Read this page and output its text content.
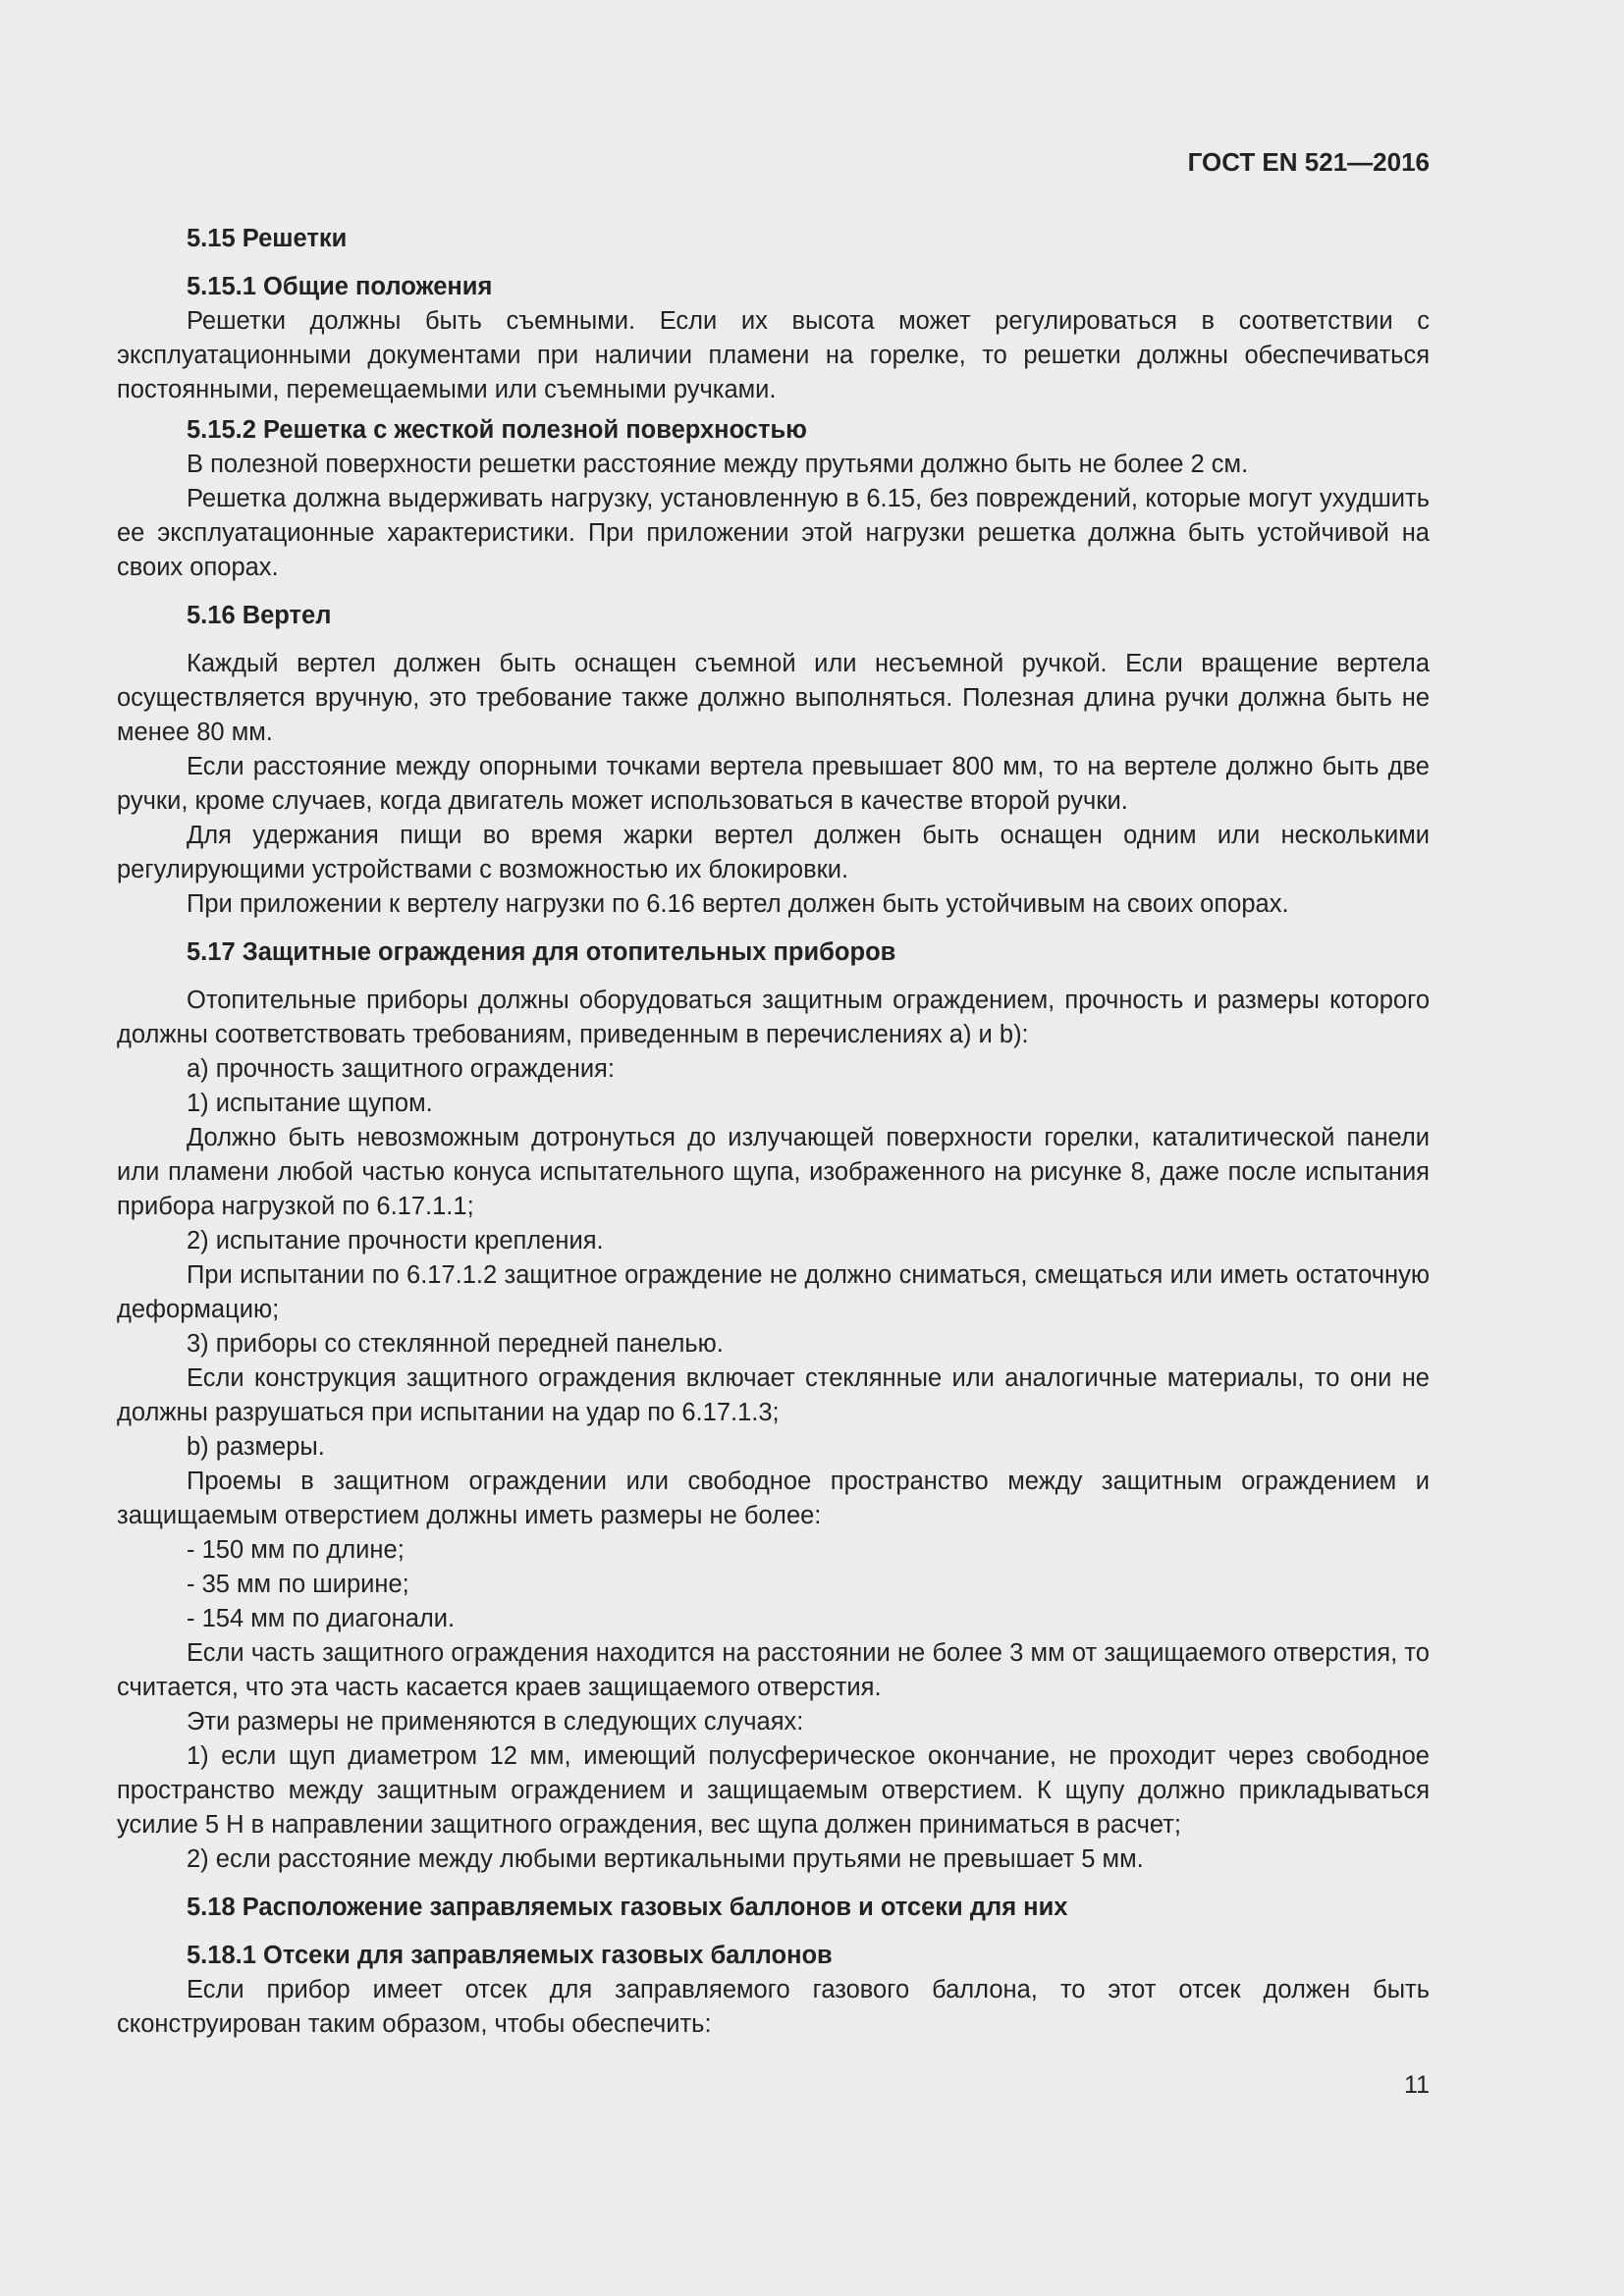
ГОСТ EN 521—2016

5.15 Решетки

5.15.1 Общие положения

Решетки должны быть съемными. Если их высота может регулироваться в соответствии с эксплуатационными документами при наличии пламени на горелке, то решетки должны обеспечиваться постоянными, перемещаемыми или съемными ручками.

5.15.2 Решетка с жесткой полезной поверхностью

В полезной поверхности решетки расстояние между прутьями должно быть не более 2 см.

Решетка должна выдерживать нагрузку, установленную в 6.15, без повреждений, которые могут ухудшить ее эксплуатационные характеристики. При приложении этой нагрузки решетка должна быть устойчивой на своих опорах.

5.16 Вертел

Каждый вертел должен быть оснащен съемной или несъемной ручкой. Если вращение вертела осуществляется вручную, это требование также должно выполняться. Полезная длина ручки должна быть не менее 80 мм.

Если расстояние между опорными точками вертела превышает 800 мм, то на вертеле должно быть две ручки, кроме случаев, когда двигатель может использоваться в качестве второй ручки.

Для удержания пищи во время жарки вертел должен быть оснащен одним или несколькими регулирующими устройствами с возможностью их блокировки.

При приложении к вертелу нагрузки по 6.16 вертел должен быть устойчивым на своих опорах.

5.17 Защитные ограждения для отопительных приборов

Отопительные приборы должны оборудоваться защитным ограждением, прочность и размеры которого должны соответствовать требованиям, приведенным в перечислениях a) и b):

a) прочность защитного ограждения:

1) испытание щупом.

Должно быть невозможным дотронуться до излучающей поверхности горелки, каталитической панели или пламени любой частью конуса испытательного щупа, изображенного на рисунке 8, даже после испытания прибора нагрузкой по 6.17.1.1;

2) испытание прочности крепления.

При испытании по 6.17.1.2 защитное ограждение не должно сниматься, смещаться или иметь остаточную деформацию;

3) приборы со стеклянной передней панелью.

Если конструкция защитного ограждения включает стеклянные или аналогичные материалы, то они не должны разрушаться при испытании на удар по 6.17.1.3;

b) размеры.

Проемы в защитном ограждении или свободное пространство между защитным ограждением и защищаемым отверстием должны иметь размеры не более:

- 150 мм по длине;

- 35 мм по ширине;

- 154 мм по диагонали.

Если часть защитного ограждения находится на расстоянии не более 3 мм от защищаемого отверстия, то считается, что эта часть касается краев защищаемого отверстия.

Эти размеры не применяются в следующих случаях:

1) если щуп диаметром 12 мм, имеющий полусферическое окончание, не проходит через свободное пространство между защитным ограждением и защищаемым отверстием. К щупу должно прикладываться усилие 5 Н в направлении защитного ограждения, вес щупа должен приниматься в расчет;

2) если расстояние между любыми вертикальными прутьями не превышает 5 мм.

5.18 Расположение заправляемых газовых баллонов и отсеки для них

5.18.1 Отсеки для заправляемых газовых баллонов

Если прибор имеет отсек для заправляемого газового баллона, то этот отсек должен быть сконструирован таким образом, чтобы обеспечить:

11
